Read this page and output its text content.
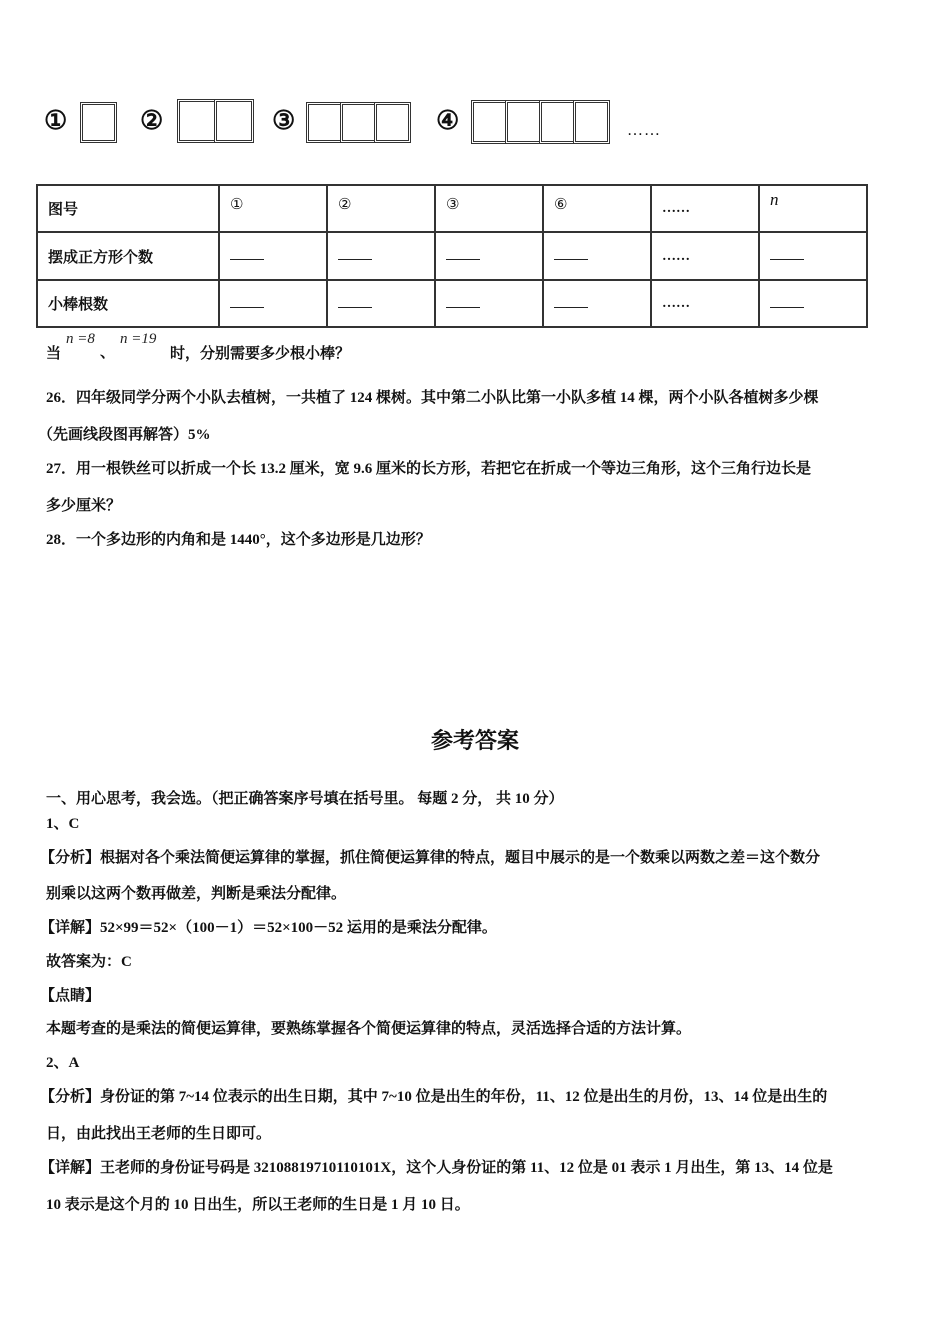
①	②	③	④	……
图号	①	②	③	⑥	……	n
摆成正方形个数					……	
小棒根数					……	
当
n =8
、
n =19
时，分别需要多少根小棒？
26．四年级同学分两个小队去植树，一共植了 124 棵树。其中第二小队比第一小队多植 14 棵，两个小队各植树多少棵
（先画线段图再解答）5%
27．用一根铁丝可以折成一个长 13.2 厘米，宽 9.6 厘米的长方形，若把它在折成一个等边三角形，这个三角行边长是
多少厘米？
28．一个多边形的内角和是 1440°，这个多边形是几边形？
参考答案
一、用心思考，我会选。（把正确答案序号填在括号里。 每题 2 分， 共 10 分）
1、C
【分析】根据对各个乘法简便运算律的掌握，抓住简便运算律的特点，题目中展示的是一个数乘以两数之差＝这个数分
别乘以这两个数再做差，判断是乘法分配律。
【详解】52×99＝52×（100－1）＝52×100－52 运用的是乘法分配律。
故答案为：C
【点睛】
本题考查的是乘法的简便运算律，要熟练掌握各个简便运算律的特点，灵活选择合适的方法计算。
2、A
【分析】身份证的第 7~14 位表示的出生日期，其中 7~10 位是出生的年份，11、12 位是出生的月份，13、14 位是出生的
日，由此找出王老师的生日即可。
【详解】王老师的身份证号码是 32108819710110101X，这个人身份证的第 11、12 位是 01 表示 1 月出生，第 13、14 位是
10 表示是这个月的 10 日出生，所以王老师的生日是 1 月 10 日。
